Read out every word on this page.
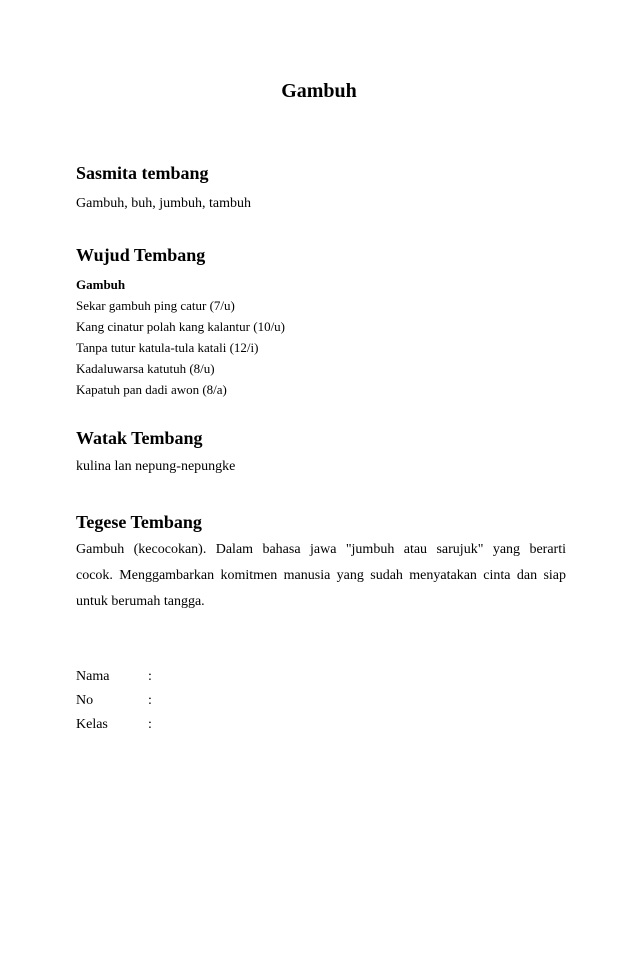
Gambuh
Sasmita tembang

Gambuh, buh, jumbuh, tambuh

Wujud Tembang

Gambuh

Sekar gambuh ping catur (7/u)

Kang cinatur polah kang kalantur (10/u)

Tanpa tutur katula-tula katali (12/i)

Kadaluwarsa katutuh (8/u)

Kapatuh pan dadi awon (8/a)

Watak Tembang

kulina lan nepung-nepungke

Tegese Tembang
Gambuh (kecocokan). Dalam bahasa jawa "jumbuh atau sarujuk" yang berarti
cocok. Menggambarkan komitmen manusia yang sudah menyatakan cinta dan siap
untuk berumah tangga.
Nama	:
No	:
Kelas	:
